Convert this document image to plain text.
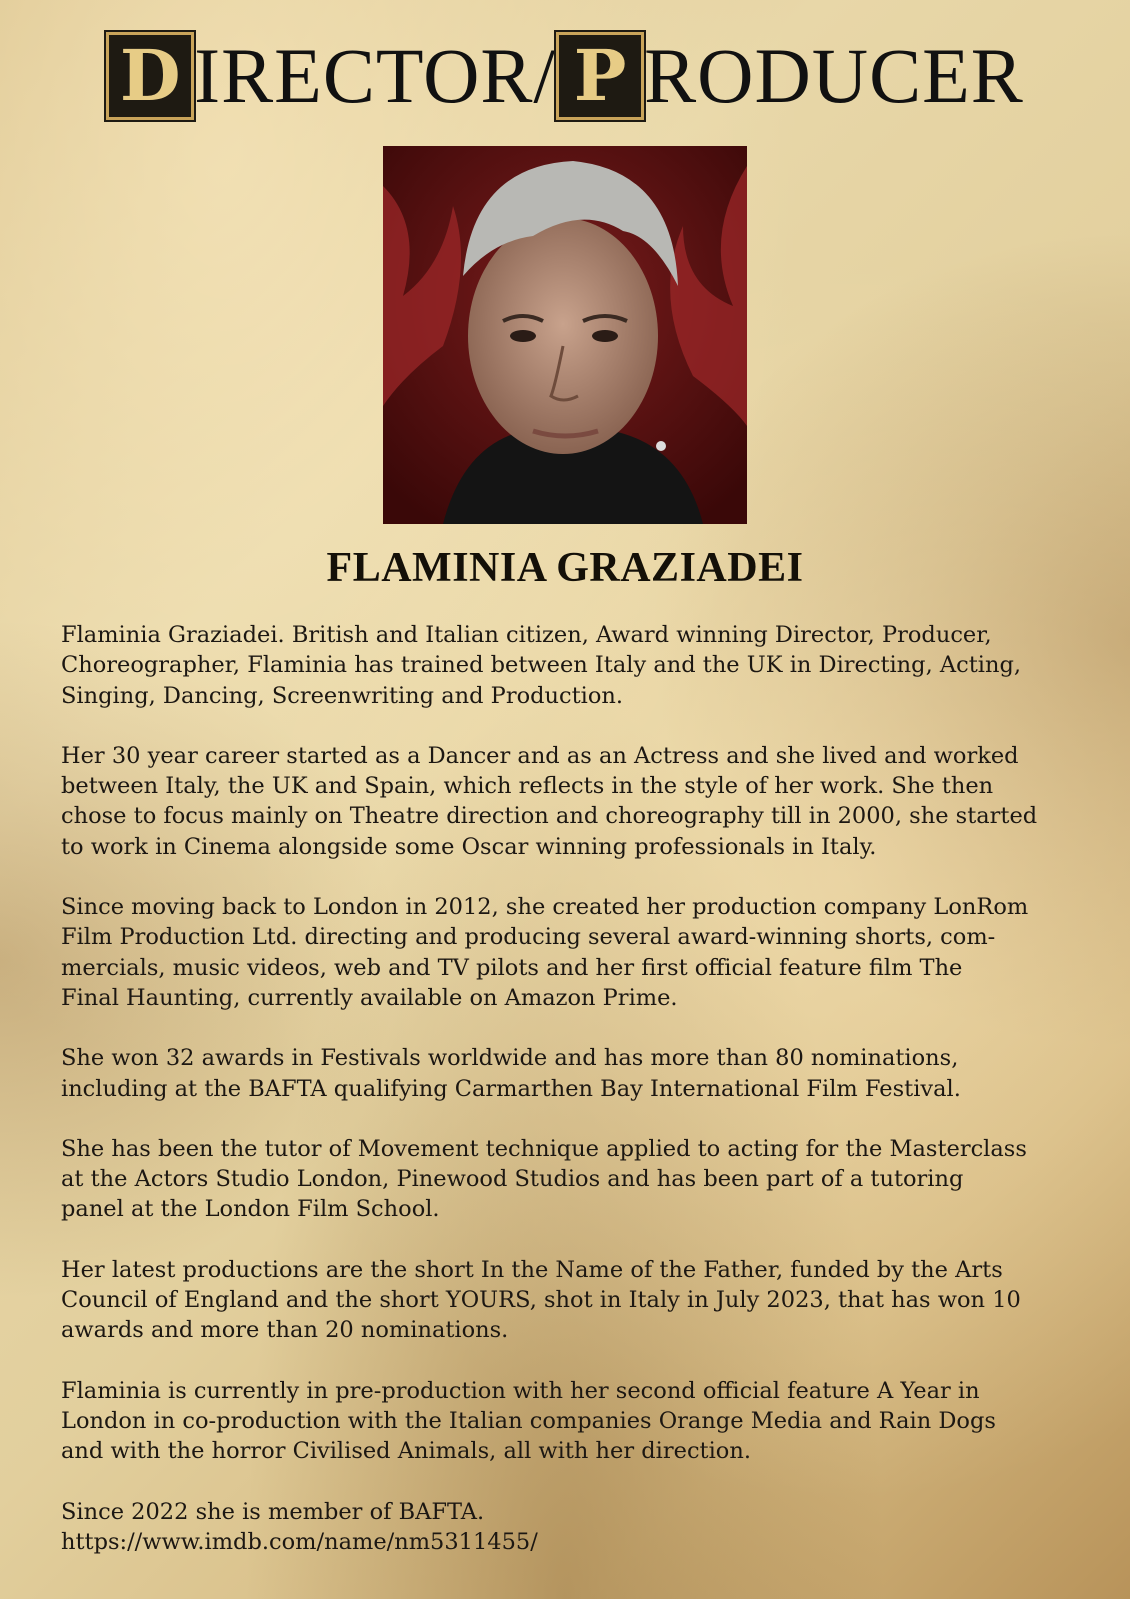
D IRECTOR/ P RODUCER
FLAMINIA GRAZIADEI

Flaminia Graziadei. British and Italian citizen, Award winning Director, Producer,
Choreographer, Flaminia has trained between Italy and the UK in Directing, Acting,
Singing, Dancing, Screenwriting and Production.

Her 30 year career started as a Dancer and as an Actress and she lived and worked
between Italy, the UK and Spain, which reflects in the style of her work. She then
chose to focus mainly on Theatre direction and choreography till in 2000, she started
to work in Cinema alongside some Oscar winning professionals in Italy.

Since moving back to London in 2012, she created her production company LonRom
Film Production Ltd. directing and producing several award-winning shorts, com-
mercials, music videos, web and TV pilots and her first official feature film The
Final Haunting, currently available on Amazon Prime.

She won 32 awards in Festivals worldwide and has more than 80 nominations,
including at the BAFTA qualifying Carmarthen Bay International Film Festival.

She has been the tutor of Movement technique applied to acting for the Masterclass
at the Actors Studio London, Pinewood Studios and has been part of a tutoring
panel at the London Film School.

Her latest productions are the short In the Name of the Father, funded by the Arts
Council of England and the short YOURS, shot in Italy in July 2023, that has won 10
awards and more than 20 nominations.

Flaminia is currently in pre-production with her second official feature A Year in
London in co-production with the Italian companies Orange Media and Rain Dogs
and with the horror Civilised Animals, all with her direction.

Since 2022 she is member of BAFTA.
https://www.imdb.com/name/nm5311455/
